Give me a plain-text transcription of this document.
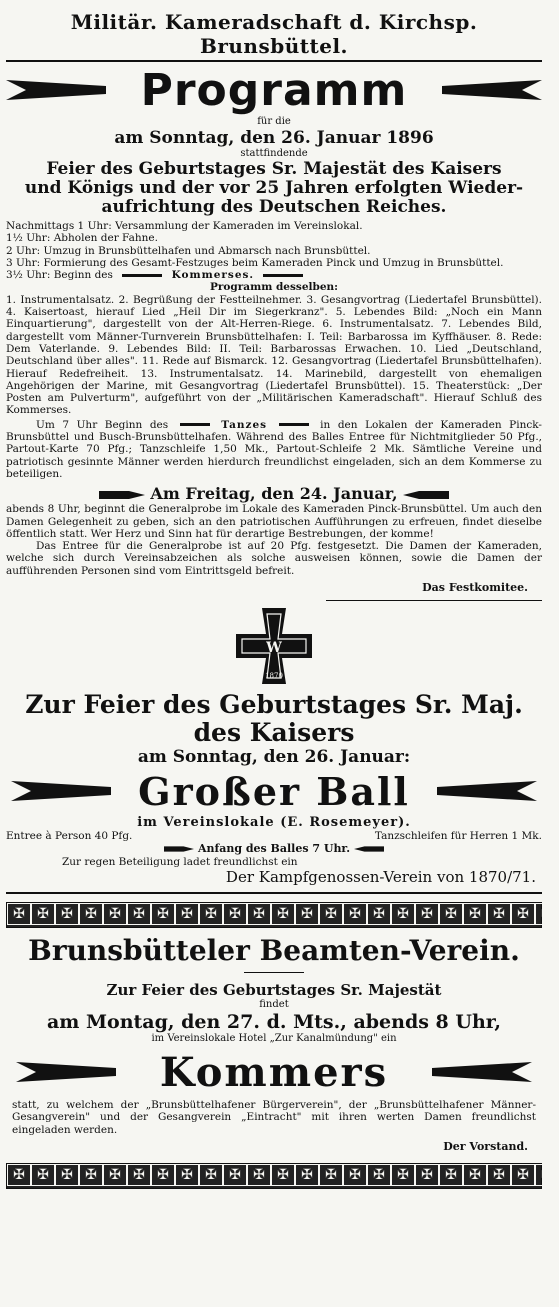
Militär. Kameradschaft d. Kirchsp. Brunsbüttel.
Programm
für die
am Sonntag, den 26. Januar 1896
stattfindende
Feier des Geburtstages Sr. Majestät des Kaisers
und Königs und der vor 25 Jahren erfolgten Wieder-
aufrichtung des Deutschen Reiches.

Nachmittags 1 Uhr: Versammlung der Kameraden im Vereinslokal.

1½ Uhr: Abholen der Fahne.

2 Uhr: Umzug in Brunsbüttelhafen und Abmarsch nach Brunsbüttel.

3 Uhr: Formierung des Gesamt-Festzuges beim Kameraden Pinck und Umzug in Brunsbüttel.

3½ Uhr: Beginn des	Kommerses.

Programm desselben:

1. Instrumentalsatz. 2. Begrüßung der Festteilnehmer. 3. Gesangvortrag (Liedertafel Brunsbüttel). 4. Kaisertoast, hierauf Lied „Heil Dir im Siegerkranz". 5. Lebendes Bild: „Noch ein Mann Einquartierung", dargestellt von der Alt-Herren-Riege. 6. Instrumentalsatz. 7. Lebendes Bild, dargestellt vom Männer-Turnverein Brunsbüttelhafen: I. Teil: Barbarossa im Kyffhäuser. 8. Rede: Dem Vaterlande. 9. Lebendes Bild: II. Teil: Barbarossas Erwachen. 10. Lied „Deutschland, Deutschland über alles". 11. Rede auf Bismarck. 12. Gesangvortrag (Liedertafel Brunsbüttelhafen). Hierauf Redefreiheit. 13. Instrumentalsatz. 14. Marinebild, dargestellt von ehemaligen Angehörigen der Marine, mit Gesangvortrag (Liedertafel Brunsbüttel). 15. Theaterstück: „Der Posten am Pulverturm", aufgeführt von der „Militärischen Kameradschaft". Hierauf Schluß des Kommerses.

Um 7 Uhr Beginn des	Tanzes	in den Lokalen der Kameraden Pinck-Brunsbüttel und Busch-Brunsbüttelhafen. Während des Balles Entree für Nichtmitglieder 50 Pfg., Partout-Karte 70 Pfg.; Tanzschleife 1,50 Mk., Partout-Schleife 2 Mk. Sämtliche Vereine und patriotisch gesinnte Männer werden hierdurch freundlichst eingeladen, sich an dem Kommerse zu beteiligen.

Am Freitag, den 24. Januar,

abends 8 Uhr, beginnt die Generalprobe im Lokale des Kameraden Pinck-Brunsbüttel. Um auch den Damen Gelegenheit zu geben, sich an den patriotischen Aufführungen zu erfreuen, findet dieselbe öffentlich statt. Wer Herz und Sinn hat für derartige Bestrebungen, der komme!

Das Entree für die Generalprobe ist auf 20 Pfg. festgesetzt. Die Damen der Kameraden, welche sich durch Vereinsabzeichen als solche ausweisen können, sowie die Damen der aufführenden Personen sind vom Eintrittsgeld befreit.

Das Festkomitee.
W
1870
Zur Feier des Geburtstages Sr. Maj. des Kaisers
am Sonntag, den 26. Januar:
Großer Ball
im Vereinslokale (E. Rosemeyer).
Entree à Person 40 Pfg.	Tanzschleifen für Herren 1 Mk.
Anfang des Balles 7 Uhr.
Zur regen Beteiligung ladet freundlichst ein
Der Kampfgenossen-Verein von 1870/71.
✠ ✠ ✠ ✠ ✠ ✠ ✠ ✠ ✠ ✠ ✠ ✠ ✠ ✠ ✠ ✠ ✠ ✠ ✠ ✠ ✠ ✠ ✠
Brunsbütteler Beamten-Verein.
Zur Feier des Geburtstages Sr. Majestät
findet
am Montag, den 27. d. Mts., abends 8 Uhr,
im Vereinslokale Hotel „Zur Kanalmündung" ein
Kommers
statt, zu welchem der „Brunsbüttelhafener Bürgerverein", der „Brunsbüttelhafener Männer-Gesangverein" und der Gesangverein „Eintracht" mit ihren werten Damen freundlichst eingeladen werden.
Der Vorstand.
✠ ✠ ✠ ✠ ✠ ✠ ✠ ✠ ✠ ✠ ✠ ✠ ✠ ✠ ✠ ✠ ✠ ✠ ✠ ✠ ✠ ✠ ✠
